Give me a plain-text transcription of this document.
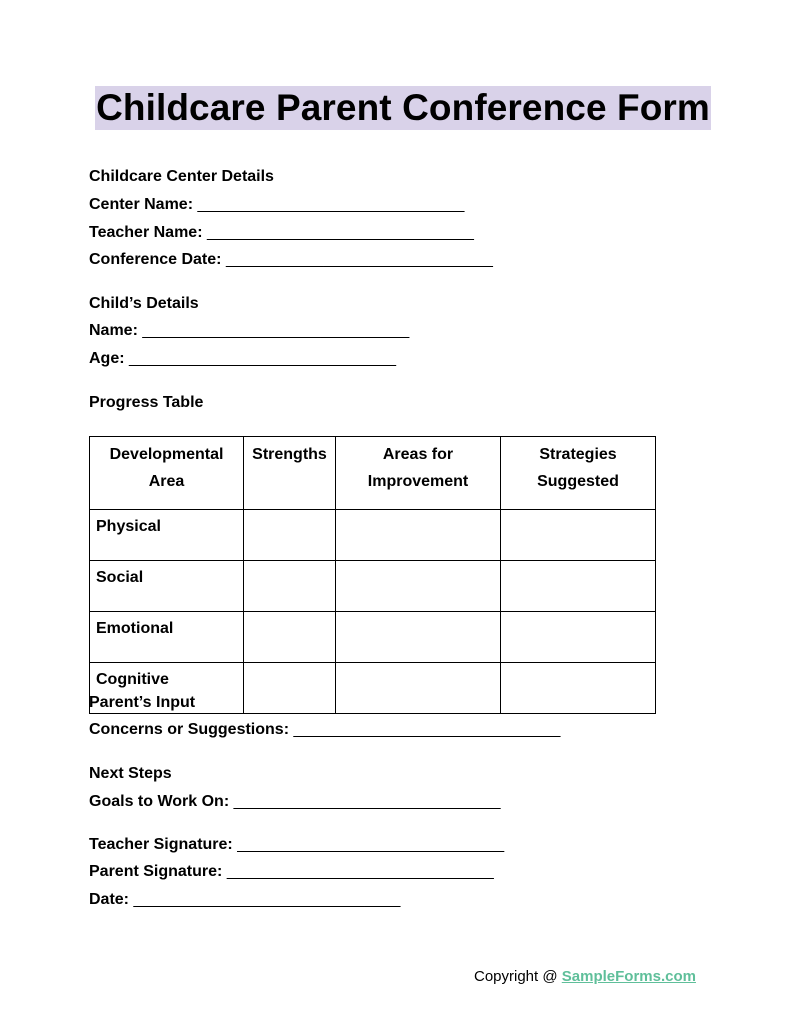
Childcare Parent Conference Form
Childcare Center Details
Center Name: ______________________________
Teacher Name: ______________________________
Conference Date: ______________________________
Child’s Details
Name: ______________________________
Age: ______________________________
Progress Table
Developmental Area	Strengths	Areas for Improvement	Strategies Suggested
Physical			
Social			
Emotional			
Cognitive			
Parent’s Input
Concerns or Suggestions: ______________________________
Next Steps
Goals to Work On: ______________________________
Teacher Signature: ______________________________
Parent Signature: ______________________________
Date: ______________________________
Copyright @ SampleForms.com
